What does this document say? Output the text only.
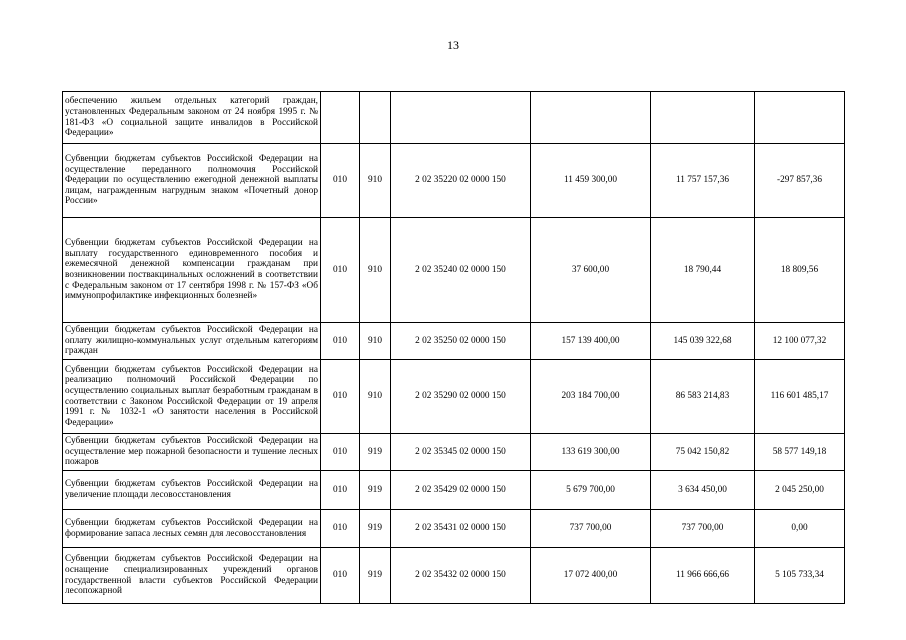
13
обеспечению жильем отдельных категорий граждан, установленных Федеральным законом от 24 ноября 1995 г. № 181-ФЗ «О социальной защите инвалидов в Российской Федерации»						
Субвенции бюджетам субъектов Российской Федерации на осуществление переданного полномочия Российской Федерации по осуществлению ежегодной денежной выплаты лицам, награжденным нагрудным знаком «Почетный донор России»	010	910	2 02 35220 02 0000 150	11 459 300,00	11 757 157,36	-297 857,36
Субвенции бюджетам субъектов Российской Федерации на выплату государственного единовременного пособия и ежемесячной денежной компенсации гражданам при возникновении поствакцинальных осложнений в соответствии с Федеральным законом от 17 сентября 1998 г. № 157-ФЗ «Об иммунопрофилактике инфекционных болезней»	010	910	2 02 35240 02 0000 150	37 600,00	18 790,44	18 809,56
Субвенции бюджетам субъектов Российской Федерации на оплату жилищно-коммунальных услуг отдельным категориям граждан	010	910	2 02 35250 02 0000 150	157 139 400,00	145 039 322,68	12 100 077,32
Субвенции бюджетам субъектов Российской Федерации на реализацию полномочий Российской Федерации по осуществлению социальных выплат безработным гражданам в соответствии с Законом Российской Федерации от 19 апреля 1991 г. № 1032-1 «О занятости населения в Российской Федерации»	010	910	2 02 35290 02 0000 150	203 184 700,00	86 583 214,83	116 601 485,17
Субвенции бюджетам субъектов Российской Федерации на осуществление мер пожарной безопасности и тушение лесных пожаров	010	919	2 02 35345 02 0000 150	133 619 300,00	75 042 150,82	58 577 149,18
Субвенции бюджетам субъектов Российской Федерации на увеличение площади лесовосстановления	010	919	2 02 35429 02 0000 150	5 679 700,00	3 634 450,00	2 045 250,00
Субвенции бюджетам субъектов Российской Федерации на формирование запаса лесных семян для лесовосстановления	010	919	2 02 35431 02 0000 150	737 700,00	737 700,00	0,00
Субвенции бюджетам субъектов Российской Федерации на оснащение специализированных учреждений органов государственной власти субъектов Российской Федерации лесопожарной	010	919	2 02 35432 02 0000 150	17 072 400,00	11 966 666,66	5 105 733,34
